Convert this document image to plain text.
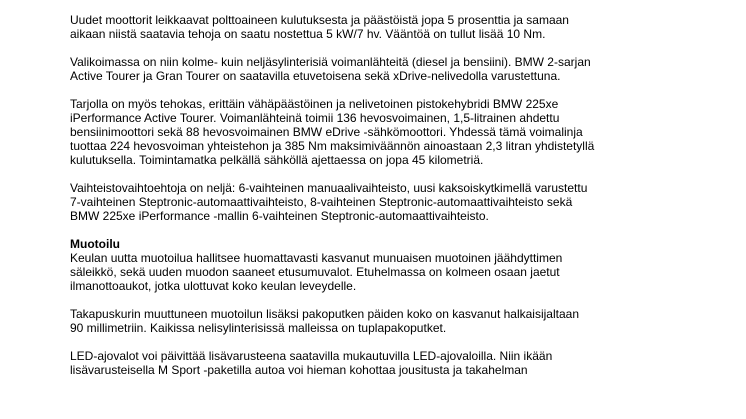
Uudet moottorit leikkaavat polttoaineen kulutuksesta ja päästöistä jopa 5 prosenttia ja samaan
aikaan niistä saatavia tehoja on saatu nostettua 5 kW/7 hv. Vääntöä on tullut lisää 10 Nm.

Valikoimassa on niin kolme- kuin neljäsylinterisiä voimanlähteitä (diesel ja bensiini). BMW 2-sarjan
Active Tourer ja Gran Tourer on saatavilla etuvetoisena sekä xDrive-nelivedolla varustettuna.

Tarjolla on myös tehokas, erittäin vähäpäästöinen ja nelivetoinen pistokehybridi BMW 225xe
iPerformance Active Tourer. Voimanlähteinä toimii 136 hevosvoimainen, 1,5-litrainen ahdettu
bensiinimoottori sekä 88 hevosvoimainen BMW eDrive -sähkömoottori. Yhdessä tämä voimalinja
tuottaa 224 hevosvoiman yhteistehon ja 385 Nm maksimiväännön ainoastaan 2,3 litran yhdistetyllä
kulutuksella. Toimintamatka pelkällä sähköllä ajettaessa on jopa 45 kilometriä.

Vaihteistovaihtoehtoja on neljä: 6-vaihteinen manuaalivaihteisto, uusi kaksoiskytkimellä varustettu
7-vaihteinen Steptronic-automaattivaihteisto, 8-vaihteinen Steptronic-automaattivaihteisto sekä
BMW 225xe iPerformance -mallin 6-vaihteinen Steptronic-automaattivaihteisto.

Muotoilu
Keulan uutta muotoilua hallitsee huomattavasti kasvanut munuaisen muotoinen jäähdyttimen
säleikkö, sekä uuden muodon saaneet etusumuvalot. Etuhelmassa on kolmeen osaan jaetut
ilmanottoaukot, jotka ulottuvat koko keulan leveydelle.

Takapuskurin muuttuneen muotoilun lisäksi pakoputken päiden koko on kasvanut halkaisijaltaan
90 millimetriin. Kaikissa nelisylinterisissä malleissa on tuplapakoputket.

LED-ajovalot voi päivittää lisävarusteena saatavilla mukautuvilla LED-ajovaloilla. Niin ikään
lisävarusteisella M Sport -paketilla autoa voi hieman kohottaa jousitusta ja takahelman
